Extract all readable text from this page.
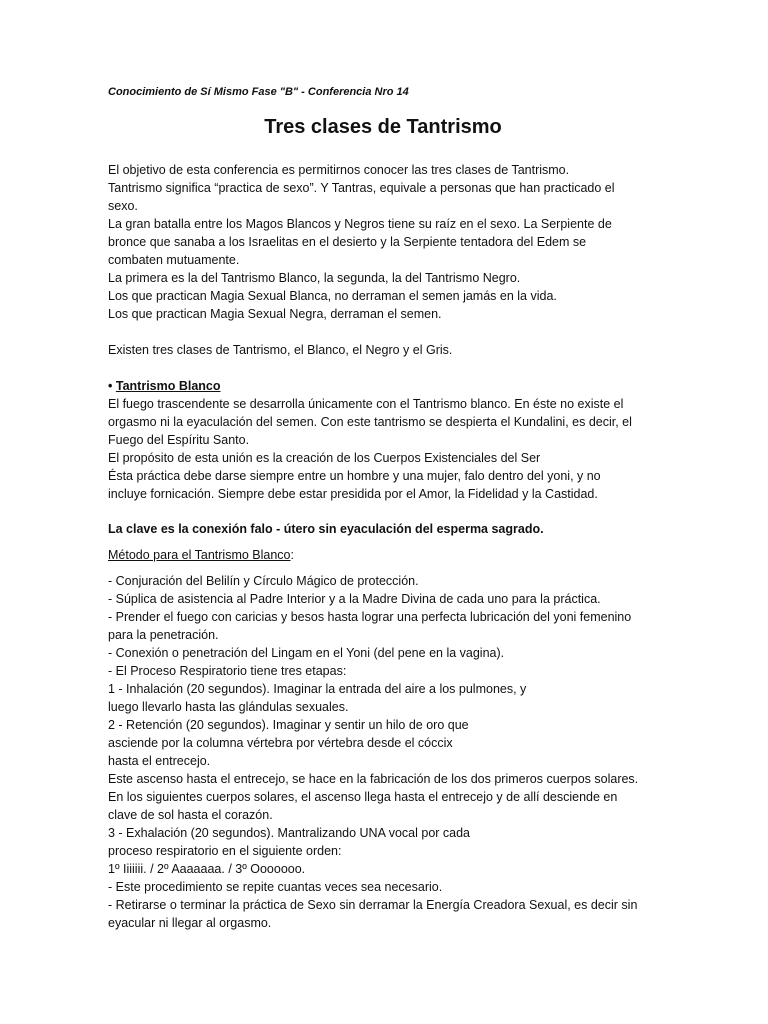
Conocimiento de Sí Mismo Fase "B" - Conferencia Nro 14

Tres clases de Tantrismo

El objetivo de esta conferencia es permitirnos conocer las tres clases de Tantrismo.
Tantrismo significa “practica de sexo”. Y Tantras, equivale a personas que han practicado el
sexo.
La gran batalla entre los Magos Blancos y Negros tiene su raíz en el sexo. La Serpiente de
bronce que sanaba a los Israelitas en el desierto y la Serpiente tentadora del Edem se
combaten mutuamente.
La primera es la del Tantrismo Blanco, la segunda, la del Tantrismo Negro.
Los que practican Magia Sexual Blanca, no derraman el semen jamás en la vida.
Los que practican Magia Sexual Negra, derraman el semen.

Existen tres clases de Tantrismo, el Blanco, el Negro y el Gris.

• Tantrismo Blanco
El fuego trascendente se desarrolla únicamente con el Tantrismo blanco. En éste no existe el
orgasmo ni la eyaculación del semen. Con este tantrismo se despierta el Kundalini, es decir, el
Fuego del Espíritu Santo.
El propósito de esta unión es la creación de los Cuerpos Existenciales del Ser
Ésta práctica debe darse siempre entre un hombre y una mujer, falo dentro del yoni, y no
incluye fornicación. Siempre debe estar presidida por el Amor, la Fidelidad y la Castidad.

La clave es la conexión falo - útero sin eyaculación del esperma sagrado.

Método para el Tantrismo Blanco:

- Conjuración del Belilín y Círculo Mágico de protección.
- Súplica de asistencia al Padre Interior y a la Madre Divina de cada uno para la práctica.
- Prender el fuego con caricias y besos hasta lograr una perfecta lubricación del yoni femenino
para la penetración.
- Conexión o penetración del Lingam en el Yoni (del pene en la vagina).
- El Proceso Respiratorio tiene tres etapas:
1 - Inhalación (20 segundos). Imaginar la entrada del aire a los pulmones, y
luego llevarlo hasta las glándulas sexuales.
2 - Retención (20 segundos). Imaginar y sentir un hilo de oro que
asciende por la columna vértebra por vértebra desde el cóccix
hasta el entrecejo.
Este ascenso hasta el entrecejo, se hace en la fabricación de los dos primeros cuerpos solares.
En los siguientes cuerpos solares, el ascenso llega hasta el entrecejo y de allí desciende en
clave de sol hasta el corazón.
3 - Exhalación (20 segundos). Mantralizando UNA vocal por cada
proceso respiratorio en el siguiente orden:
1º Iiiiiii. / 2º Aaaaaaa. / 3º Ooooooo.
- Este procedimiento se repite cuantas veces sea necesario.
- Retirarse o terminar la práctica de Sexo sin derramar la Energía Creadora Sexual, es decir sin
eyacular ni llegar al orgasmo.
